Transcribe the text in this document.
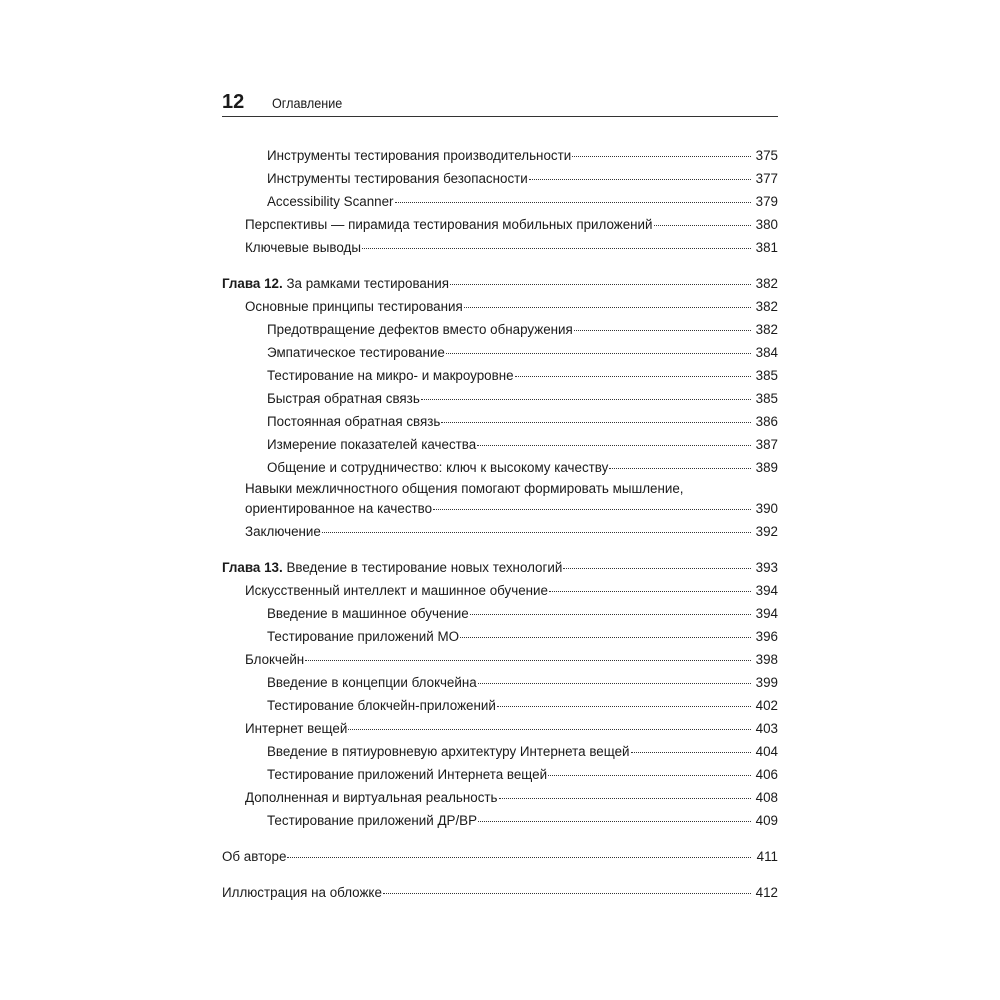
12 Оглавление
Инструменты тестирования производительности	375
Инструменты тестирования безопасности	377
Accessibility Scanner	379
Перспективы — пирамида тестирования мобильных приложений	380
Ключевые выводы	381
Глава 12. За рамками тестирования	382
Основные принципы тестирования	382
Предотвращение дефектов вместо обнаружения	382
Эмпатическое тестирование	384
Тестирование на микро- и макроуровне	385
Быстрая обратная связь	385
Постоянная обратная связь	386
Измерение показателей качества	387
Общение и сотрудничество: ключ к высокому качеству	389
Навыки межличностного общения помогают формировать мышление,
ориентированное на качество	390
Заключение	392
Глава 13. Введение в тестирование новых технологий	393
Искусственный интеллект и машинное обучение	394
Введение в машинное обучение	394
Тестирование приложений МО	396
Блокчейн	398
Введение в концепции блокчейна	399
Тестирование блокчейн-приложений	402
Интернет вещей	403
Введение в пятиуровневую архитектуру Интернета вещей	404
Тестирование приложений Интернета вещей	406
Дополненная и виртуальная реальность	408
Тестирование приложений ДР/ВР	409
Об авторе	411
Иллюстрация на обложке	412
